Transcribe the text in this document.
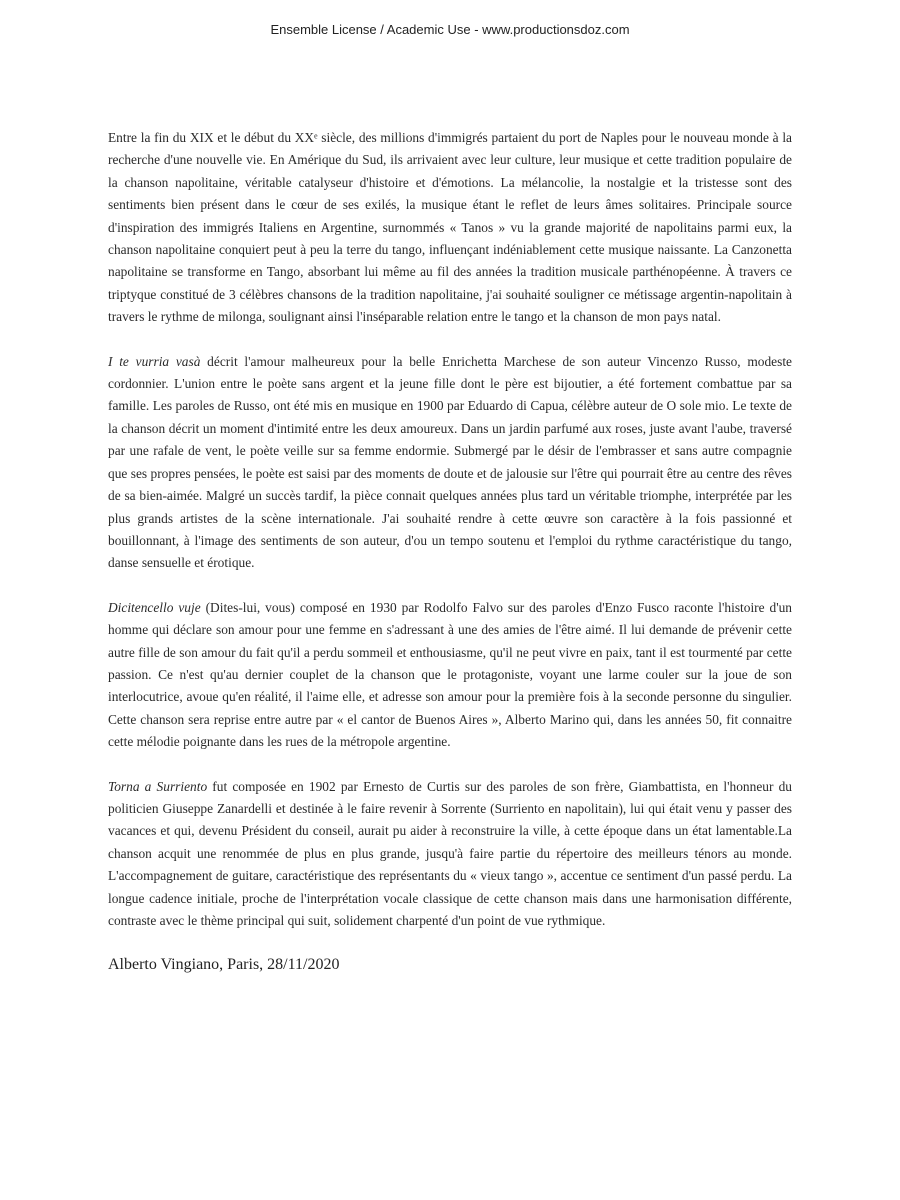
Ensemble License / Academic Use - www.productionsdoz.com

Entre la fin du XIX et le début du XXᵉ siècle, des millions d'immigrés partaient du port de Naples pour le nouveau monde à la recherche d'une nouvelle vie. En Amérique du Sud, ils arrivaient avec leur culture, leur musique et cette tradition populaire de la chanson napolitaine, véritable catalyseur d'histoire et d'émotions. La mélancolie, la nostalgie et la tristesse sont des sentiments bien présent dans le cœur de ses exilés, la musique étant le reflet de leurs âmes solitaires. Principale source d'inspiration des immigrés Italiens en Argentine, surnommés « Tanos » vu la grande majorité de napolitains parmi eux, la chanson napolitaine conquiert peut à peu la terre du tango, influençant indéniablement cette musique naissante. La Canzonetta napolitaine se transforme en Tango, absorbant lui même au fil des années la tradition musicale parthénopéenne. À travers ce triptyque constitué de 3 célèbres chansons de la tradition napolitaine, j'ai souhaité souligner ce métissage argentin-napolitain à travers le rythme de milonga, soulignant ainsi l'inséparable relation entre le tango et la chanson de mon pays natal.

I te vurria vasà décrit l'amour malheureux pour la belle Enrichetta Marchese de son auteur Vincenzo Russo, modeste cordonnier. L'union entre le poète sans argent et la jeune fille dont le père est bijoutier, a été fortement combattue par sa famille. Les paroles de Russo, ont été mis en musique en 1900 par Eduardo di Capua, célèbre auteur de O sole mio. Le texte de la chanson décrit un moment d'intimité entre les deux amoureux. Dans un jardin parfumé aux roses, juste avant l'aube, traversé par une rafale de vent, le poète veille sur sa femme endormie. Submergé par le désir de l'embrasser et sans autre compagnie que ses propres pensées, le poète est saisi par des moments de doute et de jalousie sur l'être qui pourrait être au centre des rêves de sa bien-aimée. Malgré un succès tardif, la pièce connait quelques années plus tard un véritable triomphe, interprétée par les plus grands artistes de la scène internationale. J'ai souhaité rendre à cette œuvre son caractère à la fois passionné et bouillonnant, à l'image des sentiments de son auteur, d'ou un tempo soutenu et l'emploi du rythme caractéristique du tango, danse sensuelle et érotique.

Dicitencello vuje (Dites-lui, vous) composé en 1930 par Rodolfo Falvo sur des paroles d'Enzo Fusco raconte l'histoire d'un homme qui déclare son amour pour une femme en s'adressant à une des amies de l'être aimé. Il lui demande de prévenir cette autre fille de son amour du fait qu'il a perdu sommeil et enthousiasme, qu'il ne peut vivre en paix, tant il est tourmenté par cette passion. Ce n'est qu'au dernier couplet de la chanson que le protagoniste, voyant une larme couler sur la joue de son interlocutrice, avoue qu'en réalité, il l'aime elle, et adresse son amour pour la première fois à la seconde personne du singulier. Cette chanson sera reprise entre autre par « el cantor de Buenos Aires », Alberto Marino qui, dans les années 50, fit connaitre cette mélodie poignante dans les rues de la métropole argentine.

Torna a Surriento fut composée en 1902 par Ernesto de Curtis sur des paroles de son frère, Giambattista, en l'honneur du politicien Giuseppe Zanardelli et destinée à le faire revenir à Sorrente (Surriento en napolitain), lui qui était venu y passer des vacances et qui, devenu Président du conseil, aurait pu aider à reconstruire la ville, à cette époque dans un état lamentable.La chanson acquit une renommée de plus en plus grande, jusqu'à faire partie du répertoire des meilleurs ténors au monde. L'accompagnement de guitare, caractéristique des représentants du « vieux tango », accentue ce sentiment d'un passé perdu. La longue cadence initiale, proche de l'interprétation vocale classique de cette chanson mais dans une harmonisation différente, contraste avec le thème principal qui suit, solidement charpenté d'un point de vue rythmique.

Alberto Vingiano, Paris, 28/11/2020
